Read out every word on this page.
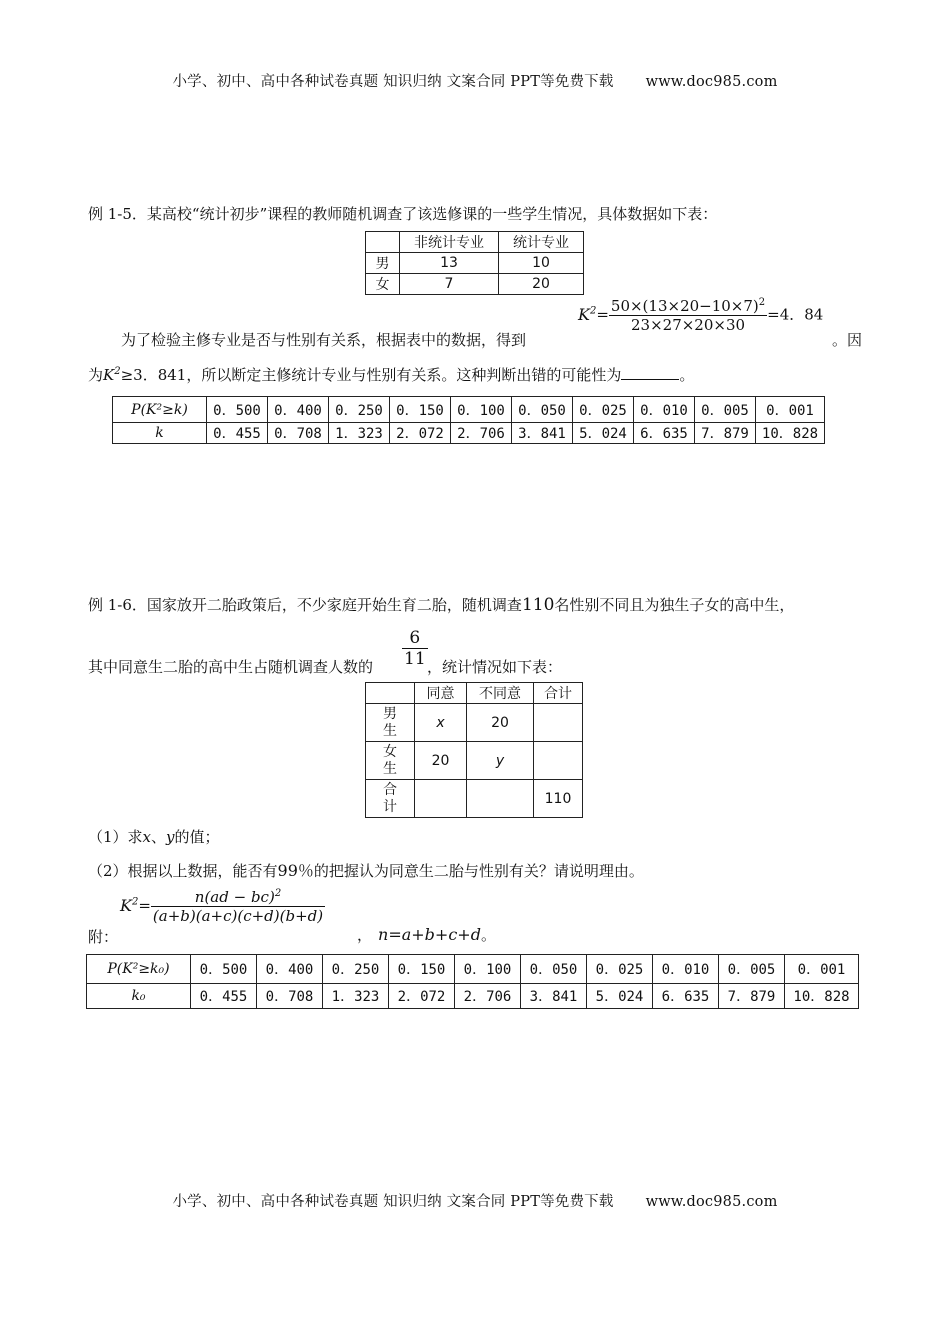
小学、初中、高中各种试卷真题 知识归纳 文案合同 PPT等免费下载 www.doc985.com
例 1-5．某高校“统计初步”课程的教师随机调查了该选修课的一些学生情况，具体数据如下表：
	非统计专业	统计专业
男	13	10
女	7	20
为了检验主修专业是否与性别有关系，根据表中的数据，得到
$K^2= \frac{50\times(13\times 20-10\times 7)^2}{23\times 27\times 20\times 30} =4$．84
。因
为$K^2\ge 3$．841，所以断定主修统计专业与性别有关系。这种判断出错的可能性为	。
P(K²≥k)	0．500	0．400	0．250	0．150	0．100	0．050	0．025	0．010	0．005	0．001
k	0．455	0．708	1．323	2．072	2．706	3．841	5．024	6．635	7．879	10．828
例 1-6．国家放开二胎政策后，不少家庭开始生育二胎，随机调查110名性别不同且为独生子女的高中生，
其中同意生二胎的高中生占随机调查人数的 $\frac{6}{11}$ ，统计情况如下表：
	同意	不同意	合计
男生	x	20	
女生	20	y	
合计			110
（1）求x、y的值；
（2）根据以上数据，能否有99％的把握认为同意生二胎与性别有关？请说明理由。
附：
$K^2= \frac{n(ad - bc)^2}{(a+b)(a+c)(c+d)(b+d)}$
， n=a+b+c+d。
P(K²≥k₀)	0．500	0．400	0．250	0．150	0．100	0．050	0．025	0．010	0．005	0．001
k₀	0．455	0．708	1．323	2．072	2．706	3．841	5．024	6．635	7．879	10．828
小学、初中、高中各种试卷真题 知识归纳 文案合同 PPT等免费下载 www.doc985.com
